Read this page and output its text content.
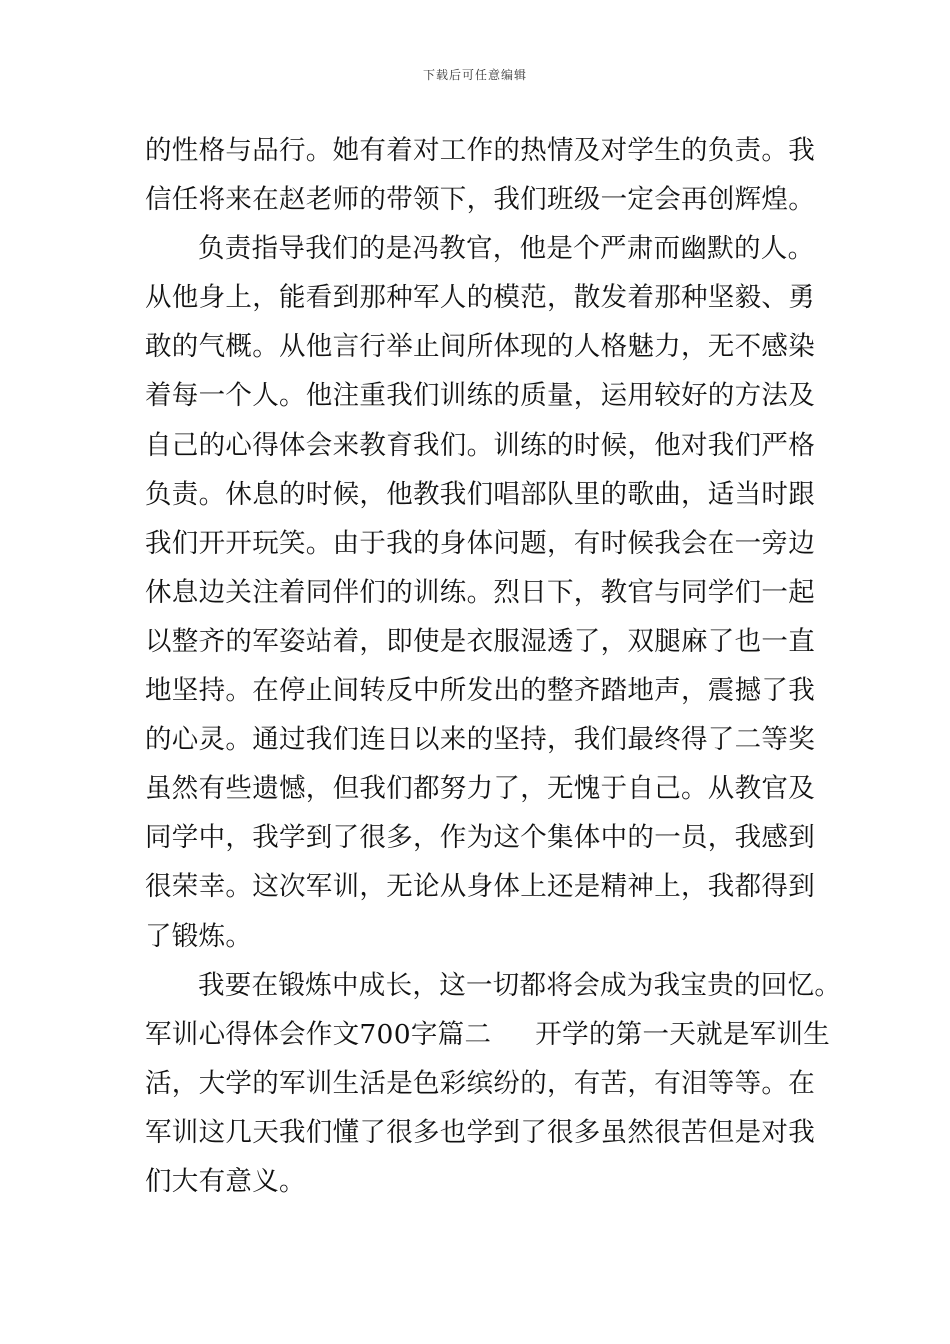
下载后可任意编辑
的性格与品行。她有着对工作的热情及对学生的负责。我
信任将来在赵老师的带领下，我们班级一定会再创辉煌。
负责指导我们的是冯教官，他是个严肃而幽默的人。
从他身上，能看到那种军人的模范，散发着那种坚毅、勇
敢的气概。从他言行举止间所体现的人格魅力，无不感染
着每一个人。他注重我们训练的质量，运用较好的方法及
自己的心得体会来教育我们。训练的时候，他对我们严格
负责。休息的时候，他教我们唱部队里的歌曲，适当时跟
我们开开玩笑。由于我的身体问题，有时候我会在一旁边
休息边关注着同伴们的训练。烈日下，教官与同学们一起
以整齐的军姿站着，即使是衣服湿透了，双腿麻了也一直
地坚持。在停止间转反中所发出的整齐踏地声，震撼了我
的心灵。通过我们连日以来的坚持，我们最终得了二等奖
虽然有些遗憾，但我们都努力了，无愧于自己。从教官及
同学中，我学到了很多，作为这个集体中的一员，我感到
很荣幸。这次军训，无论从身体上还是精神上，我都得到
了锻炼。
我要在锻炼中成长，这一切都将会成为我宝贵的回忆。
军训心得体会作文700字篇二 开学的第一天就是军训生
活，大学的军训生活是色彩缤纷的，有苦，有泪等等。在
军训这几天我们懂了很多也学到了很多虽然很苦但是对我
们大有意义。
